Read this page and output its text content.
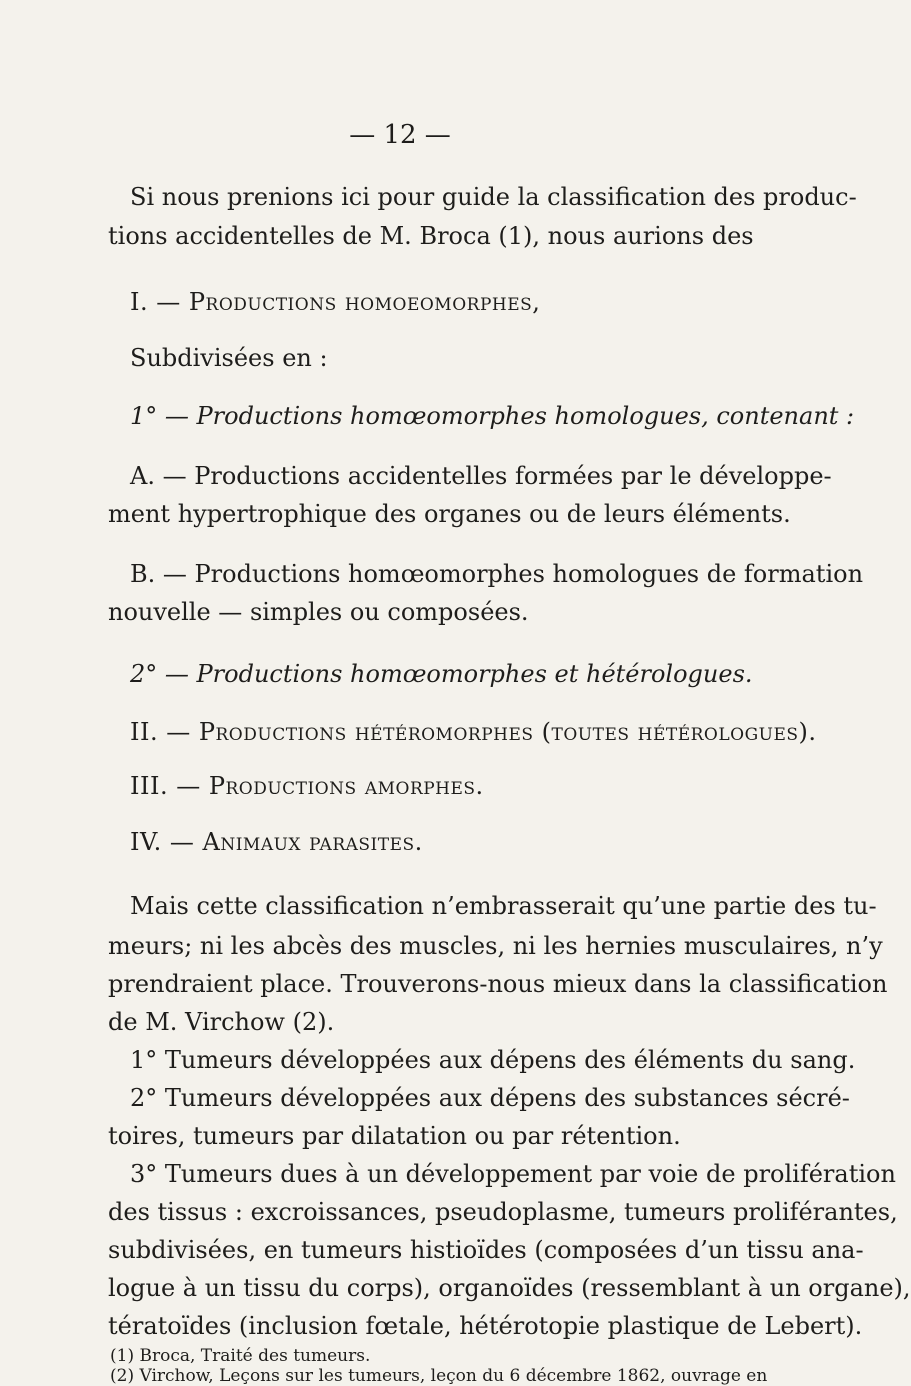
— 12 —
Si nous prenions ici pour guide la classification des produc-
tions accidentelles de M. Broca (1), nous aurions des
I. — Productions homoeomorphes,
Subdivisées en :
1° — Productions homœomorphes homologues, contenant :
A. — Productions accidentelles formées par le développe-
ment hypertrophique des organes ou de leurs éléments.
B. — Productions homœomorphes homologues de formation
nouvelle — simples ou composées.
2° — Productions homœomorphes et hétérologues.
II. — Productions hétéromorphes (toutes hétérologues).
III. — Productions amorphes.
IV. — Animaux parasites.
Mais cette classification n’embrasserait qu’une partie des tu-
meurs; ni les abcès des muscles, ni les hernies musculaires, n’y
prendraient place. Trouverons-nous mieux dans la classification
de M. Virchow (2).
1° Tumeurs développées aux dépens des éléments du sang.
2° Tumeurs développées aux dépens des substances sécré-
toires, tumeurs par dilatation ou par rétention.
3° Tumeurs dues à un développement par voie de prolifération
des tissus : excroissances, pseudoplasme, tumeurs proliférantes,
subdivisées, en tumeurs histioïdes (composées d’un tissu ana-
logue à un tissu du corps), organoïdes (ressemblant à un organe),
tératoïdes (inclusion fœtale, hétérotopie plastique de Lebert).
(1) Broca, Traité des tumeurs.
(2) Virchow, Leçons sur les tumeurs, leçon du 6 décembre 1862, ouvrage en
